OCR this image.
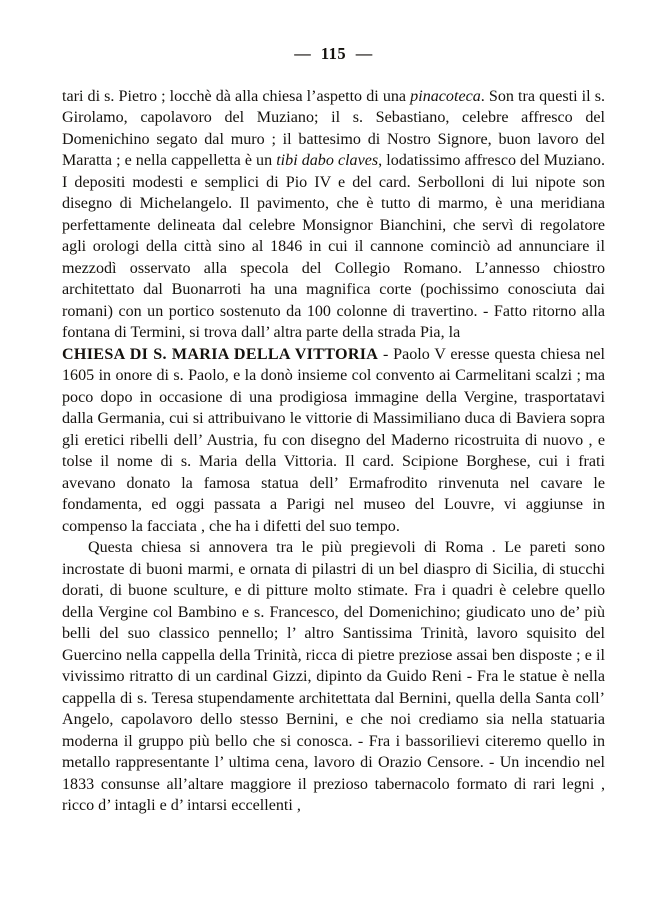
— 115 —

tari di s. Pietro ; locchè dà alla chiesa l’aspetto di una pinacoteca. Son tra questi il s. Girolamo, capolavoro del Muziano; il s. Sebastiano, celebre affresco del Domenichino segato dal muro ; il battesimo di Nostro Signore, buon lavoro del Maratta ; e nella cappelletta è un tibi dabo claves, lodatissimo affresco del Muziano. I depositi modesti e semplici di Pio IV e del card. Serbolloni di lui nipote son disegno di Michelangelo. Il pavimento, che è tutto di marmo, è una meridiana perfettamente delineata dal celebre Monsignor Bianchini, che servì di regolatore agli orologi della città sino al 1846 in cui il cannone cominciò ad annunciare il mezzodì osservato alla specola del Collegio Romano. L’annesso chiostro architettato dal Buonarroti ha una magnifica corte (pochissimo conosciuta dai romani) con un portico sostenuto da 100 colonne di travertino. - Fatto ritorno alla fontana di Termini, si trova dall’ altra parte della strada Pia, la

CHIESA DI S. MARIA DELLA VITTORIA - Paolo V eresse questa chiesa nel 1605 in onore di s. Paolo, e la donò insieme col convento ai Carmelitani scalzi ; ma poco dopo in occasione di una prodigiosa immagine della Vergine, trasportatavi dalla Germania, cui si attribuivano le vittorie di Massimiliano duca di Baviera sopra gli eretici ribelli dell’ Austria, fu con disegno del Maderno ricostruita di nuovo , e tolse il nome di s. Maria della Vittoria. Il card. Scipione Borghese, cui i frati avevano donato la famosa statua dell’ Ermafrodito rinvenuta nel cavare le fondamenta, ed oggi passata a Parigi nel museo del Louvre, vi aggiunse in compenso la facciata , che ha i difetti del suo tempo.

Questa chiesa si annovera tra le più pregievoli di Roma . Le pareti sono incrostate di buoni marmi, e ornata di pilastri di un bel diaspro di Sicilia, di stucchi dorati, di buone sculture, e di pitture molto stimate. Fra i quadri è celebre quello della Vergine col Bambino e s. Francesco, del Domenichino; giudicato uno de’ più belli del suo classico pennello; l’ altro Santissima Trinità, lavoro squisito del Guercino nella cappella della Trinità, ricca di pietre preziose assai ben disposte ; e il vivissimo ritratto di un cardinal Gizzi, dipinto da Guido Reni - Fra le statue è nella cappella di s. Teresa stupendamente architettata dal Bernini, quella della Santa coll’ Angelo, capolavoro dello stesso Bernini, e che noi crediamo sia nella statuaria moderna il gruppo più bello che si conosca. - Fra i bassorilievi citeremo quello in metallo rappresentante l’ ultima cena, lavoro di Orazio Censore. - Un incendio nel 1833 consunse all’altare maggiore il prezioso tabernacolo formato di rari legni , ricco d’ intagli e d’ intarsi eccellenti ,
